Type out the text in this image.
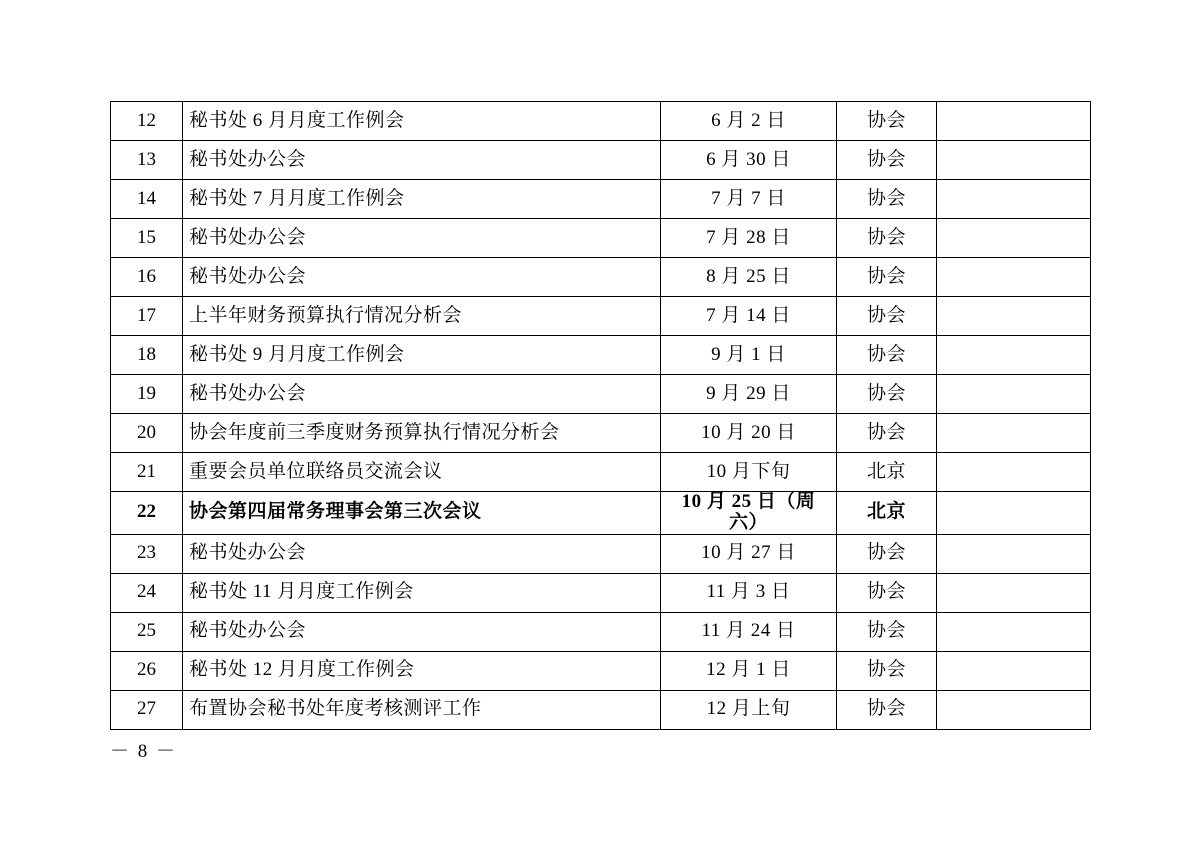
12	秘书处 6 月月度工作例会	6 月 2 日	协会	
13	秘书处办公会	6 月 30 日	协会	
14	秘书处 7 月月度工作例会	7 月 7 日	协会	
15	秘书处办公会	7 月 28 日	协会	
16	秘书处办公会	8 月 25 日	协会	
17	上半年财务预算执行情况分析会	7 月 14 日	协会	
18	秘书处 9 月月度工作例会	9 月 1 日	协会	
19	秘书处办公会	9 月 29 日	协会	
20	协会年度前三季度财务预算执行情况分析会	10 月 20 日	协会	
21	重要会员单位联络员交流会议	10 月下旬	北京	
22	协会第四届常务理事会第三次会议	10 月 25 日（周六）	北京	
23	秘书处办公会	10 月 27 日	协会	
24	秘书处 11 月月度工作例会	11 月 3 日	协会	
25	秘书处办公会	11 月 24 日	协会	
26	秘书处 12 月月度工作例会	12 月 1 日	协会	
27	布置协会秘书处年度考核测评工作	12 月上旬	协会	
－ 8 －
